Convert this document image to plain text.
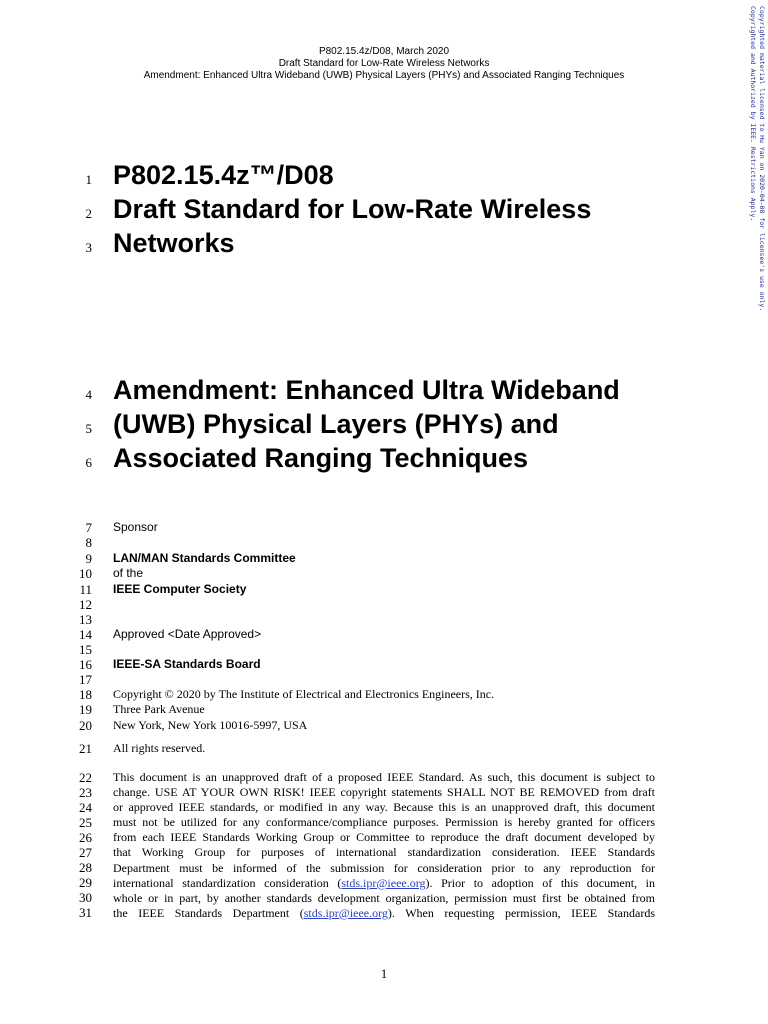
P802.15.4z/D08, March 2020
Draft Standard for Low-Rate Wireless Networks
Amendment: Enhanced Ultra Wideband (UWB) Physical Layers (PHYs) and Associated Ranging Techniques	Copyrighted material licensed to Hu Yan on 2020-04-08 for licensee's use only.
Copyrighted and Authorized by IEEE. Restrictions Apply.
1
2
3
4
5
6
7
8
9
10
11
12
13
14
15
16
17
18
19
20
21
22
23
24
25
26
27
28
29
30
31
P802.15.4z™/D08
Draft Standard for Low-Rate Wireless
Networks
Amendment: Enhanced Ultra Wideband
(UWB) Physical Layers (PHYs) and
Associated Ranging Techniques
Sponsor
LAN/MAN Standards Committee
of the
IEEE Computer Society
Approved <Date Approved>
IEEE-SA Standards Board
Copyright © 2020 by The Institute of Electrical and Electronics Engineers, Inc.
Three Park Avenue
New York, New York 10016-5997, USA
All rights reserved.
This document is an unapproved draft of a proposed IEEE Standard. As such, this document is subject to
change. USE AT YOUR OWN RISK! IEEE copyright statements SHALL NOT BE REMOVED from draft
or approved IEEE standards, or modified in any way. Because this is an unapproved draft, this document
must not be utilized for any conformance/compliance purposes. Permission is hereby granted for officers
from each IEEE Standards Working Group or Committee to reproduce the draft document developed by
that Working Group for purposes of international standardization consideration. IEEE Standards
Department must be informed of the submission for consideration prior to any reproduction for
international standardization consideration (stds.ipr@ieee.org). Prior to adoption of this document, in
whole or in part, by another standards development organization, permission must first be obtained from
the IEEE Standards Department (stds.ipr@ieee.org). When requesting permission, IEEE Standards
1
